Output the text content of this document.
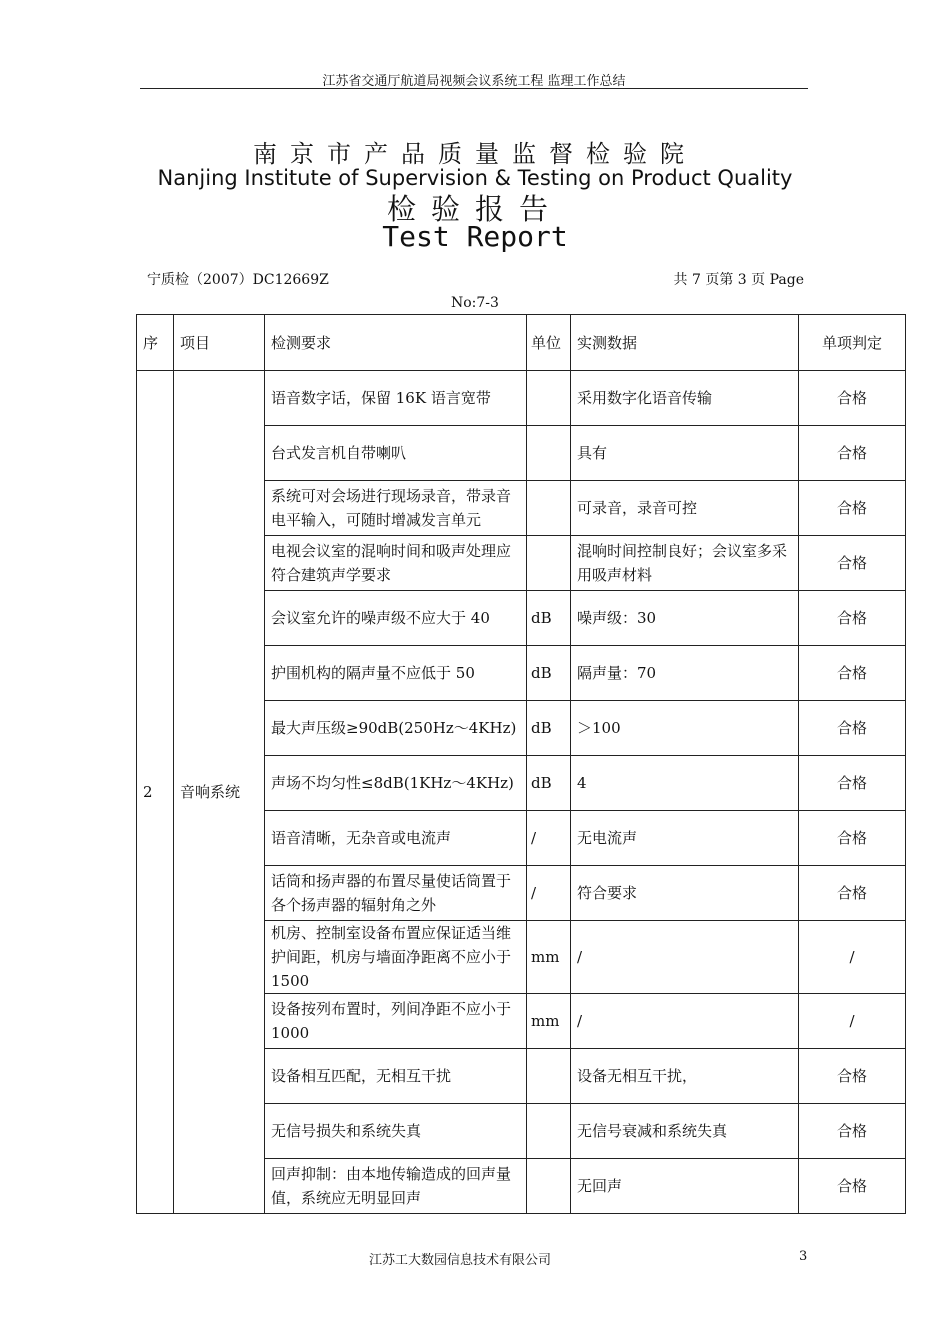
江苏省交通厅航道局视频会议系统工程 监理工作总结
南京市产品质量监督检验院
Nanjing Institute of Supervision & Testing on Product Quality
检验报告
Test Report
宁质检（2007）DC12669Z	共 7 页第 3 页 Page
No:7-3
序	项目	检测要求	单位	实测数据	单项判定
2	音响系统	语音数字话，保留 16K 语言宽带		采用数字化语音传输	合格
		台式发言机自带喇叭		具有	合格
		系统可对会场进行现场录音，带录音电平输入，可随时增减发言单元		可录音，录音可控	合格
		电视会议室的混响时间和吸声处理应符合建筑声学要求		混响时间控制良好；会议室多采用吸声材料	合格
		会议室允许的噪声级不应大于 40	dB	噪声级：30	合格
		护围机构的隔声量不应低于 50	dB	隔声量：70	合格
		最大声压级≥90dB(250Hz～4KHz)	dB	＞100	合格
		声场不均匀性≤8dB(1KHz～4KHz)	dB	4	合格
		语音清晰，无杂音或电流声	/	无电流声	合格
		话筒和扬声器的布置尽量使话筒置于各个扬声器的辐射角之外	/	符合要求	合格
		机房、控制室设备布置应保证适当维护间距，机房与墙面净距离不应小于 1500	mm	/	/
		设备按列布置时，列间净距不应小于 1000	mm	/	/
		设备相互匹配，无相互干扰		设备无相互干扰，	合格
		无信号损失和系统失真		无信号衰减和系统失真	合格
		回声抑制：由本地传输造成的回声量值，系统应无明显回声		无回声	合格
江苏工大数园信息技术有限公司	3
